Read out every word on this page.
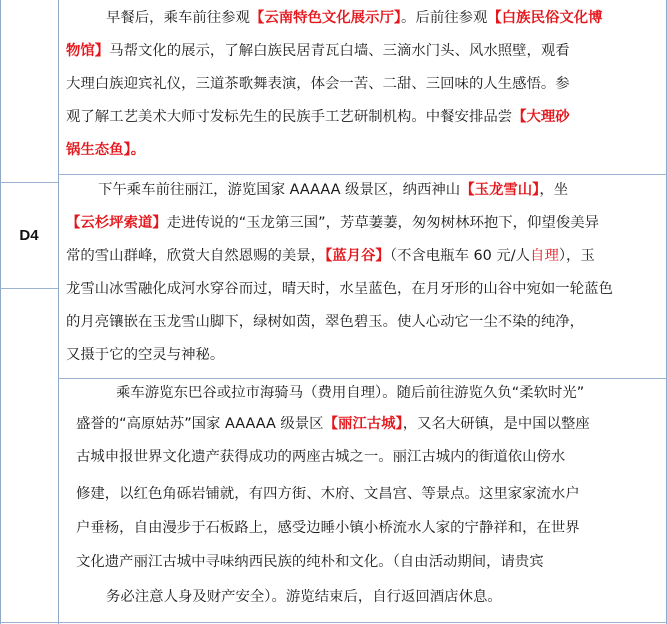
D4
早餐后，乘车前往参观【云南特色文化展示厅】。后前往参观【白族民俗文化博
物馆】马帮文化的展示，了解白族民居青瓦白墙、三滴水门头、风水照壁，观看
大理白族迎宾礼仪，三道茶歌舞表演，体会一苦、二甜、三回味的人生感悟。参
观了解工艺美术大师寸发标先生的民族手工艺研制机构。中餐安排品尝【大理砂
锅生态鱼】。
下午乘车前往丽江，游览国家 AAAAA 级景区，纳西神山【玉龙雪山】，坐
【云杉坪索道】走进传说的“玉龙第三国”，芳草萋萋，匆匆树林环抱下，仰望俊美异
常的雪山群峰，欣赏大自然恩赐的美景，【蓝月谷】（不含电瓶车 60 元/人自理），玉
龙雪山冰雪融化成河水穿谷而过，晴天时，水呈蓝色，在月牙形的山谷中宛如一轮蓝色
的月亮镶嵌在玉龙雪山脚下，绿树如茵，翠色碧玉。使人心动它一尘不染的纯净，
又摄于它的空灵与神秘。
乘车游览东巴谷或拉市海骑马（费用自理）。随后前往游览久负“柔软时光”
盛誉的“高原姑苏”国家 AAAAA 级景区【丽江古城】，又名大研镇，是中国以整座
古城申报世界文化遗产获得成功的两座古城之一。丽江古城内的街道依山傍水
修建，以红色角砾岩铺就，有四方街、木府、文昌宫、等景点。这里家家流水户
户垂杨，自由漫步于石板路上，感受边睡小镇小桥流水人家的宁静祥和，在世界
文化遗产丽江古城中寻味纳西民族的纯朴和文化。（自由活动期间，请贵宾
务必注意人身及财产安全）。游览结束后，自行返回酒店休息。
